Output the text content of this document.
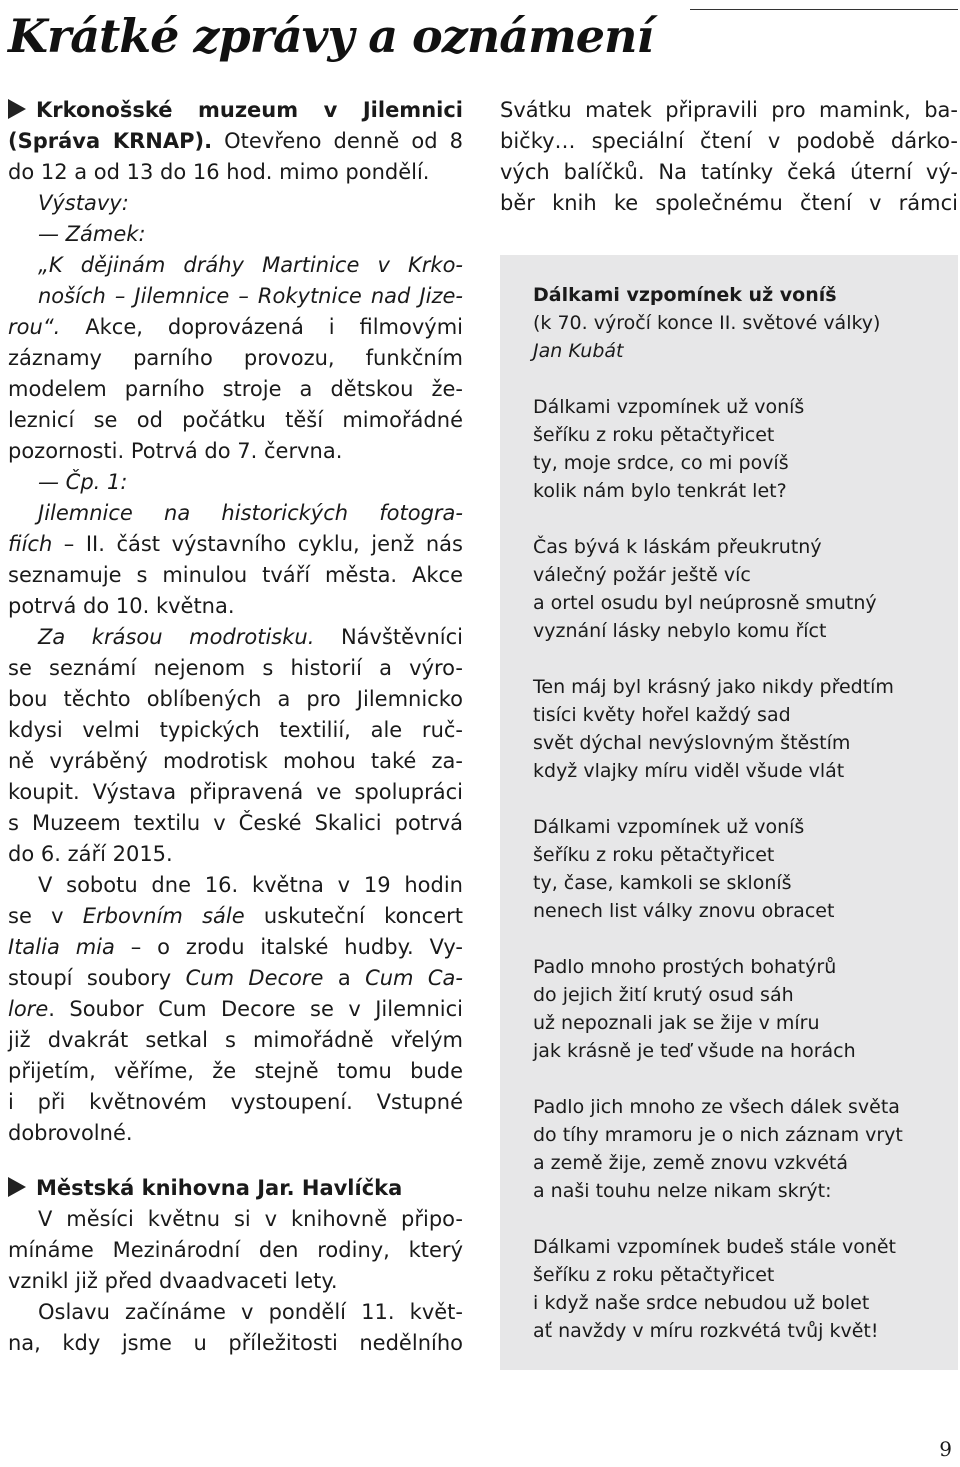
Krátké zprávy a oznámení
Krkonošské muzeum v Jilemnici
(Správa KRNAP). Otevřeno denně od 8
do 12 a od 13 do 16 hod. mimo pondělí.
Výstavy:
— Zámek:
„K dějinám dráhy Martinice v Krko-
noších – Jilemnice – Rokytnice nad Jize-
rou“. Akce, doprovázená i filmovými
záznamy parního provozu, funkčním
modelem parního stroje a dětskou že-
leznicí se od počátku těší mimořádné
pozornosti. Potrvá do 7. června.
— Čp. 1:
Jilemnice na historických fotogra-
fiích – II. část výstavního cyklu, jenž nás
seznamuje s minulou tváří města. Akce
potrvá do 10. května.
Za krásou modrotisku. Návštěvníci
se seznámí nejenom s historií a výro-
bou těchto oblíbených a pro Jilemnicko
kdysi velmi typických textilií, ale ruč-
ně vyráběný modrotisk mohou také za-
koupit. Výstava připravená ve spolupráci
s Muzeem textilu v České Skalici potrvá
do 6. září 2015.
V sobotu dne 16. května v 19 hodin
se v Erbovním sále uskuteční koncert
Italia mia – o zrodu italské hudby. Vy-
stoupí soubory Cum Decore a Cum Ca-
lore. Soubor Cum Decore se v Jilemnici
již dvakrát setkal s mimořádně vřelým
přijetím, věříme, že stejně tomu bude
i při květnovém vystoupení. Vstupné
dobrovolné.
Městská knihovna Jar. Havlíčka
V měsíci květnu si v knihovně připo-
mínáme Mezinárodní den rodiny, který
vznikl již před dvaadvaceti lety.
Oslavu začínáme v pondělí 11. květ-
na, kdy jsme u příležitosti nedělního
Svátku matek připravili pro mamink, ba-
bičky… speciální čtení v podobě dárko-
vých balíčků. Na tatínky čeká úterní vý-
běr knih ke společnému čtení v rámci
Dálkami vzpomínek už voníš
(k 70. výročí konce II. světové války)
Jan Kubát
Dálkami vzpomínek už voníš
šeříku z roku pětačtyřicet
ty, moje srdce, co mi povíš
kolik nám bylo tenkrát let?
Čas bývá k láskám přeukrutný
válečný požár ještě víc
a ortel osudu byl neúprosně smutný
vyznání lásky nebylo komu říct
Ten máj byl krásný jako nikdy předtím
tisíci květy hořel každý sad
svět dýchal nevýslovným štěstím
když vlajky míru viděl všude vlát
Dálkami vzpomínek už voníš
šeříku z roku pětačtyřicet
ty, čase, kamkoli se skloníš
nenech list války znovu obracet
Padlo mnoho prostých bohatýrů
do jejich žití krutý osud sáh
už nepoznali jak se žije v míru
jak krásně je teď všude na horách
Padlo jich mnoho ze všech dálek světa
do tíhy mramoru je o nich záznam vryt
a země žije, země znovu vzkvétá
a naši touhu nelze nikam skrýt:
Dálkami vzpomínek budeš stále vonět
šeříku z roku pětačtyřicet
i když naše srdce nebudou už bolet
ať navždy v míru rozkvétá tvůj květ!
9
